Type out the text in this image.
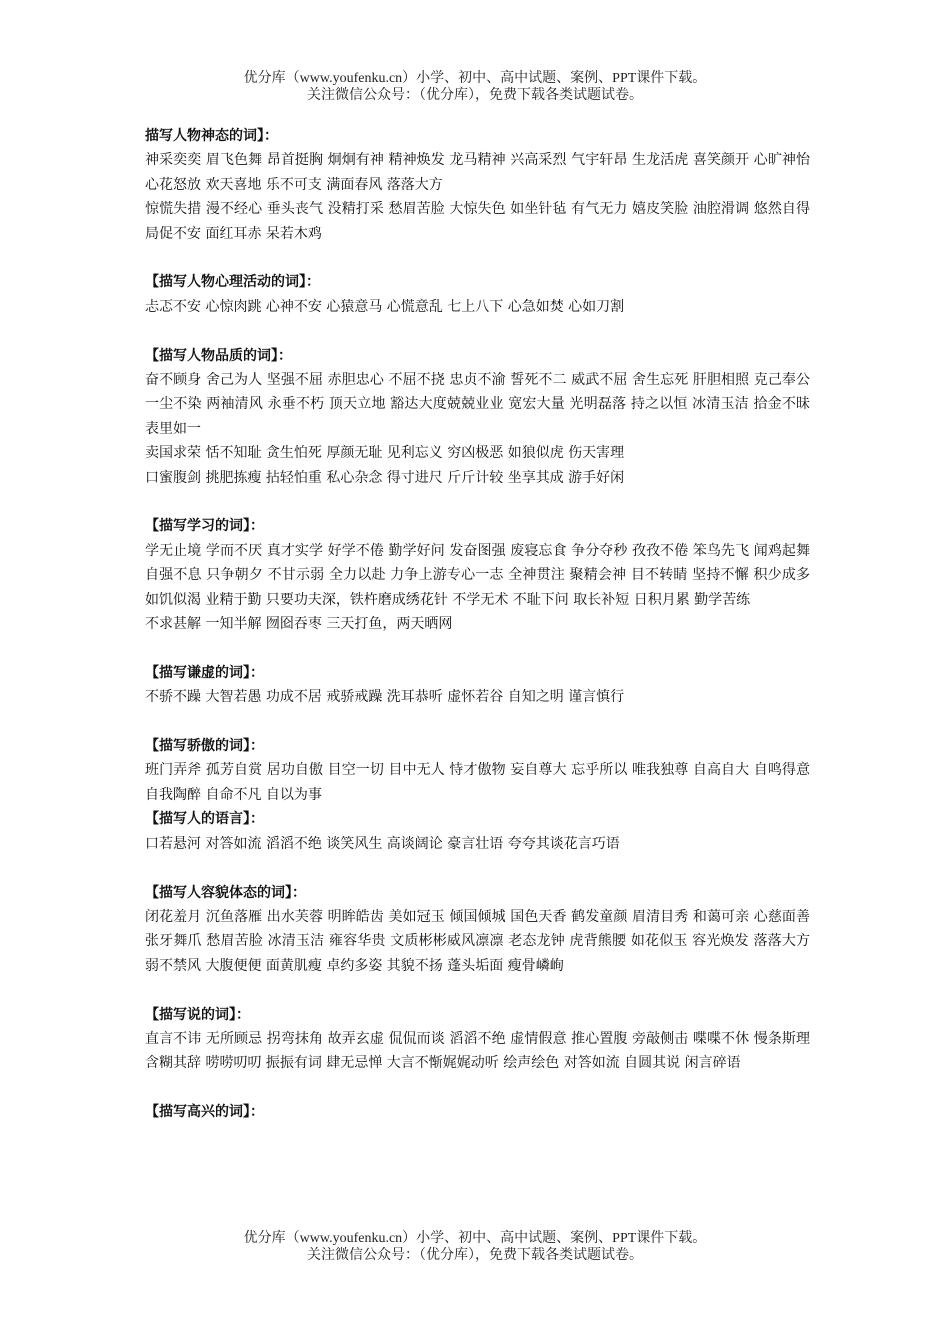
优分库（www.youfenku.cn）小学、初中、高中试题、案例、PPT课件下载。
关注微信公众号：（优分库），免费下载各类试题试卷。
描写人物神态的词】：
神采奕奕 眉飞色舞 昂首挺胸 炯炯有神 精神焕发 龙马精神 兴高采烈 气宇轩昂 生龙活虎 喜笑颜开 心旷神怡 心花怒放 欢天喜地 乐不可支 满面春风 落落大方
惊慌失措 漫不经心 垂头丧气 没精打采 愁眉苦脸 大惊失色 如坐针毡 有气无力 嬉皮笑脸 油腔滑调 悠然自得 局促不安 面红耳赤 呆若木鸡
【描写人物心理活动的词】：
忐忑不安 心惊肉跳 心神不安 心猿意马 心慌意乱 七上八下 心急如焚 心如刀割
【描写人物品质的词】：
奋不顾身 舍己为人 坚强不屈 赤胆忠心 不屈不挠 忠贞不渝 誓死不二 威武不屈 舍生忘死 肝胆相照 克己奉公 一尘不染 两袖清风 永垂不朽 顶天立地 豁达大度兢兢业业 宽宏大量 光明磊落 持之以恒 冰清玉洁 拾金不昧 表里如一
卖国求荣 恬不知耻 贪生怕死 厚颜无耻 见利忘义 穷凶极恶 如狼似虎 伤天害理
口蜜腹剑 挑肥拣瘦 拈轻怕重 私心杂念 得寸进尺 斤斤计较 坐享其成 游手好闲
【描写学习的词】：
学无止境 学而不厌 真才实学 好学不倦 勤学好问 发奋图强 废寝忘食 争分夺秒 孜孜不倦 笨鸟先飞 闻鸡起舞 自强不息 只争朝夕 不甘示弱 全力以赴 力争上游专心一志 全神贯注 聚精会神 目不转睛 坚持不懈 积少成多 如饥似渴 业精于勤 只要功夫深，铁杵磨成绣花针 不学无术 不耻下问 取长补短 日积月累 勤学苦练
不求甚解 一知半解 囫囵吞枣 三天打鱼，两天晒网
【描写谦虚的词】：
不骄不躁 大智若愚 功成不居 戒骄戒躁 洗耳恭听 虚怀若谷 自知之明 谨言慎行
【描写骄傲的词】：
班门弄斧 孤芳自赏 居功自傲 目空一切 目中无人 恃才傲物 妄自尊大 忘乎所以 唯我独尊 自高自大 自鸣得意 自我陶醉 自命不凡 自以为事
【描写人的语言】：
口若悬河 对答如流 滔滔不绝 谈笑风生 高谈阔论 豪言壮语 夸夸其谈花言巧语
【描写人容貌体态的词】：
闭花羞月 沉鱼落雁 出水芙蓉 明眸皓齿 美如冠玉 倾国倾城 国色天香 鹤发童颜 眉清目秀 和蔼可亲 心慈面善 张牙舞爪 愁眉苦脸 冰清玉洁 雍容华贵 文质彬彬威风凛凛 老态龙钟 虎背熊腰 如花似玉 容光焕发 落落大方 弱不禁风 大腹便便 面黄肌瘦 卓约多姿 其貌不扬 蓬头垢面 瘦骨嶙峋
【描写说的词】：
直言不讳 无所顾忌 拐弯抹角 故弄玄虚 侃侃而谈 滔滔不绝 虚情假意 推心置腹 旁敲侧击 喋喋不休 慢条斯理 含糊其辞 唠唠叨叨 振振有词 肆无忌惮 大言不惭娓娓动听 绘声绘色 对答如流 自圆其说 闲言碎语
【描写高兴的词】：
优分库（www.youfenku.cn）小学、初中、高中试题、案例、PPT课件下载。
关注微信公众号：（优分库），免费下载各类试题试卷。
